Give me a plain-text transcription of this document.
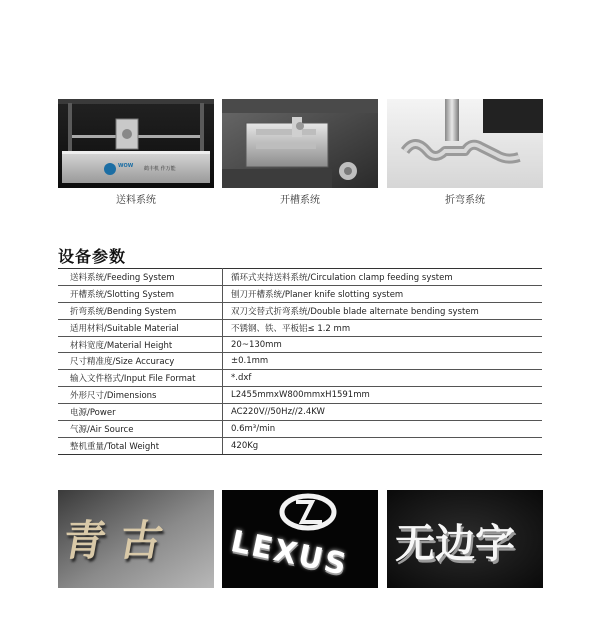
WOW 鹤丰机 作万能
送料系统	开槽系统	折弯系统
设备参数
送料系统/Feeding System	循环式夹持送料系统/Circulation clamp feeding system
开槽系统/Slotting System	刨刀开槽系统/Planer knife slotting system
折弯系统/Bending System	双刀交替式折弯系统/Double blade alternate bending system
适用材料/Suitable Material	不锈钢、铁、平板铝≤ 1.2 mm
材料宽度/Material Height	20~130mm
尺寸精准度/Size Accuracy	±0.1mm
输入文件格式/Input File Format	*.dxf
外形尺寸/Dimensions	L2455mmxW800mmxH1591mm
电源/Power	AC220V//50Hz//2.4KW
气源/Air Source	0.6m³/min
整机重量/Total Weight	420Kg
青 古 LEXUS 无边字
